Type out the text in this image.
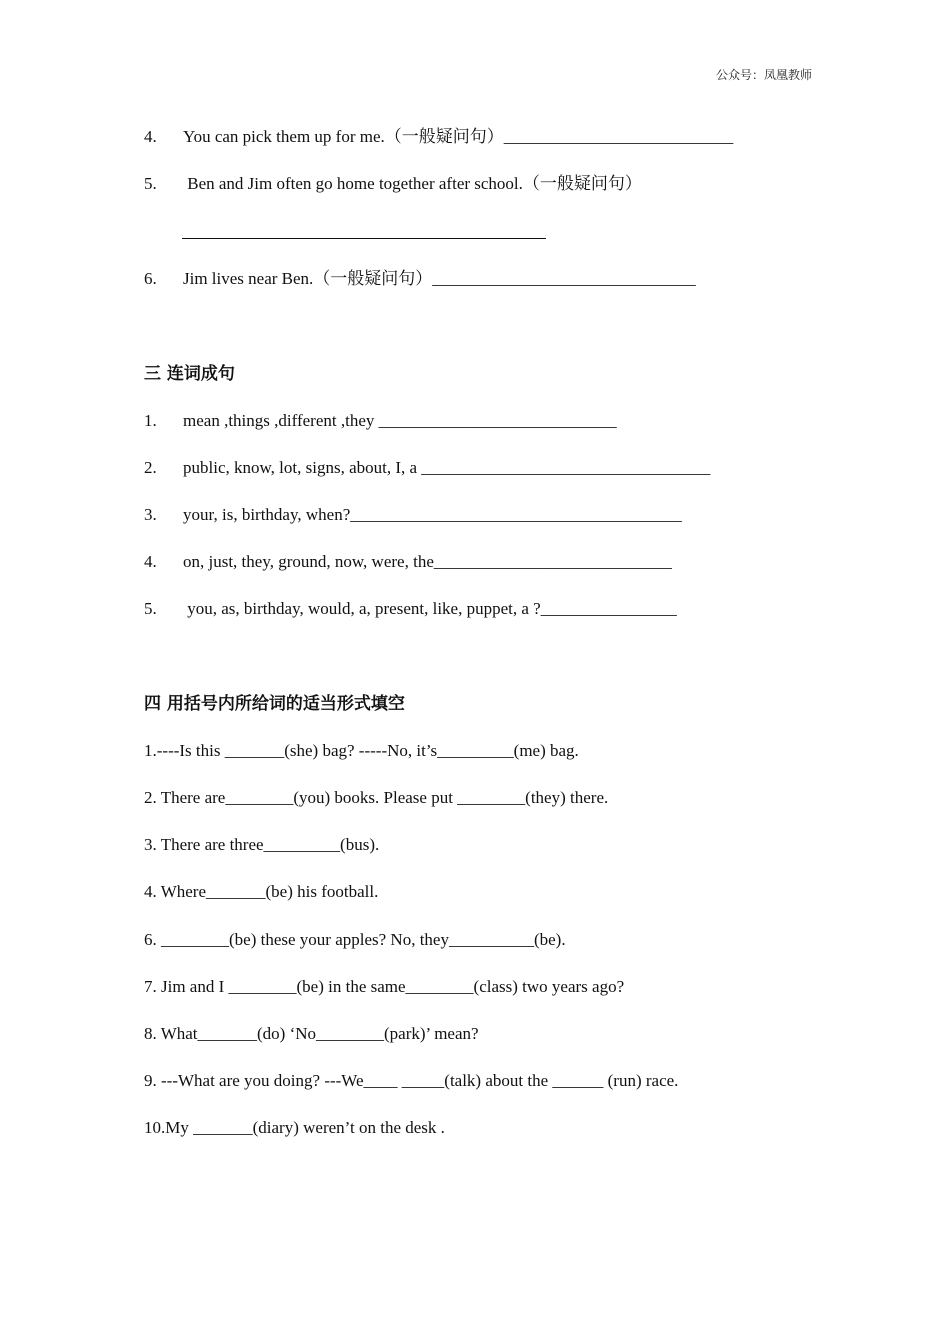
公众号：凤凰教师
4. You can pick them up for me.（一般疑问句）___________________________
5. Ben and Jim often go home together after school.（一般疑问句）
6. Jim lives near Ben.（一般疑问句）_______________________________
三 连词成句
1. mean ,things ,different ,they ____________________________
2. public, know, lot, signs, about, I, a __________________________________
3. your, is, birthday, when?_______________________________________
4. on, just, they, ground, now, were, the____________________________
5. you, as, birthday, would, a, present, like, puppet, a ?________________
四 用括号内所给词的适当形式填空
1.----Is this _______(she) bag? -----No, it’s_________(me) bag.
2. There are________(you) books. Please put ________(they) there.
3. There are three_________(bus).
4. Where_______(be) his football.
6. ________(be) these your apples? No, they__________(be).
7. Jim and I ________(be) in the same________(class) two years ago?
8. What_______(do) ‘No________(park)’ mean?
9. ---What are you doing? ---We____ _____(talk) about the ______ (run) race.
10.My _______(diary) weren’t on the desk .
